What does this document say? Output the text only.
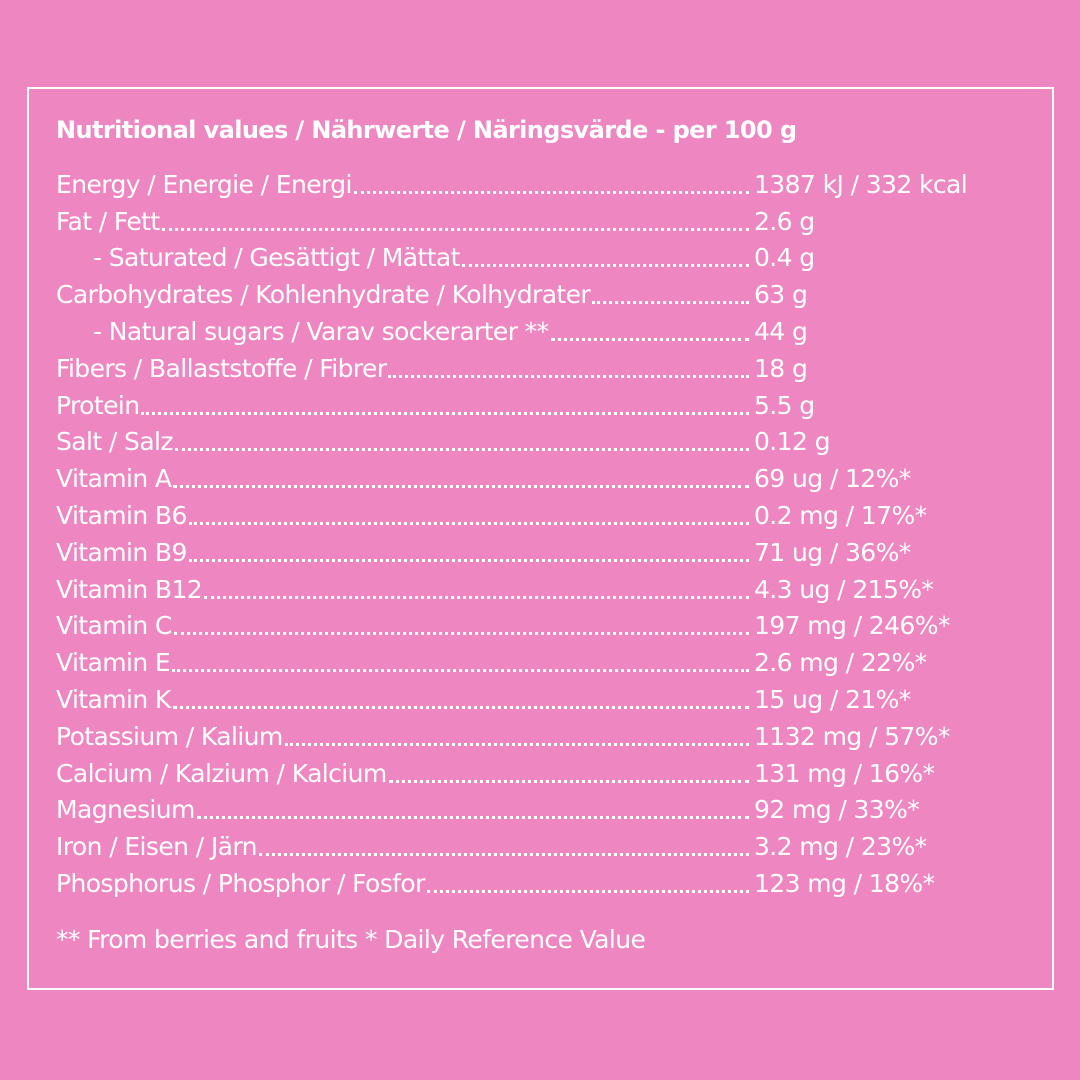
Nutritional values / Nährwerte / Näringsvärde - per 100 g
Energy / Energie / Energi	1387 kJ / 332 kcal
Fat / Fett	2.6 g
- Saturated / Gesättigt / Mättat	0.4 g
Carbohydrates / Kohlenhydrate / Kolhydrater	63 g
- Natural sugars / Varav sockerarter **	44 g
Fibers / Ballaststoffe / Fibrer	18 g
Protein	5.5 g
Salt / Salz	0.12 g
Vitamin A	69 ug / 12%*
Vitamin B6	0.2 mg / 17%*
Vitamin B9	71 ug / 36%*
Vitamin B12	4.3 ug / 215%*
Vitamin C	197 mg / 246%*
Vitamin E	2.6 mg / 22%*
Vitamin K	15 ug / 21%*
Potassium / Kalium	1132 mg / 57%*
Calcium / Kalzium / Kalcium	131 mg / 16%*
Magnesium	92 mg / 33%*
Iron / Eisen / Järn	3.2 mg / 23%*
Phosphorus / Phosphor / Fosfor	123 mg / 18%*
** From berries and fruits * Daily Reference Value
